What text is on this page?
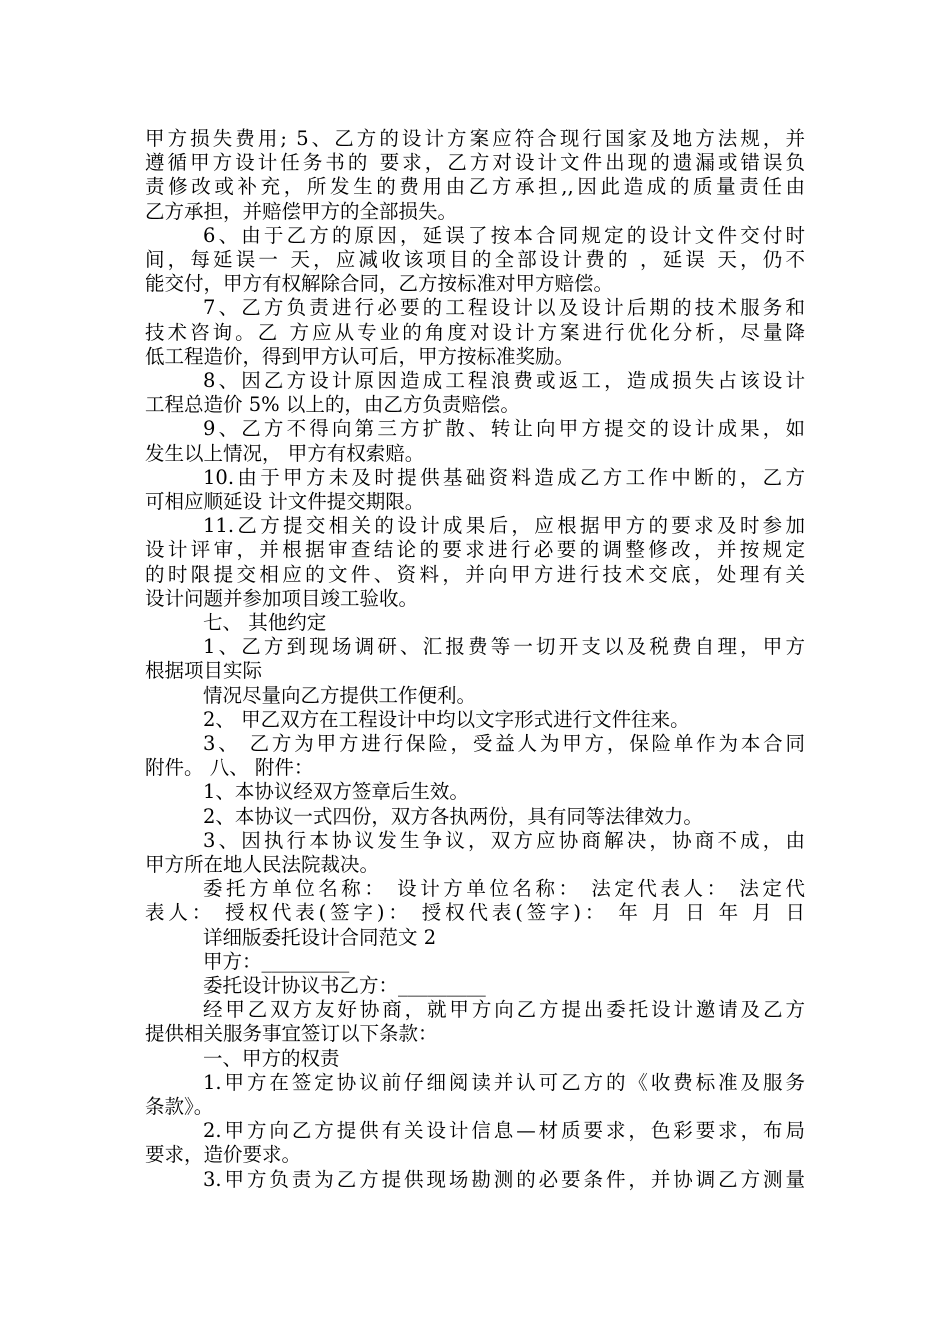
甲方损失费用; 5、乙方的设计方案应符合现行国家及地方法规，并
遵循甲方设计任务书的 要求，乙方对设计文件出现的遗漏或错误负
责修改或补充，所发生的费用由乙方承担,,因此造成的质量责任由
乙方承担，并赔偿甲方的全部损失。
6、由于乙方的原因，延误了按本合同规定的设计文件交付时
间，每延误一 天，应减收该项目的全部设计费的 ，延误 天，仍不
能交付，甲方有权解除合同，乙方按标准对甲方赔偿。
7、乙方负责进行必要的工程设计以及设计后期的技术服务和
技术咨询。乙 方应从专业的角度对设计方案进行优化分析，尽量降
低工程造价，得到甲方认可后，甲方按标准奖励。
8、因乙方设计原因造成工程浪费或返工，造成损失占该设计
工程总造价 5% 以上的，由乙方负责赔偿。
9、乙方不得向第三方扩散、转让向甲方提交的设计成果，如
发生以上情况， 甲方有权索赔。
10.由于甲方未及时提供基础资料造成乙方工作中断的，乙方
可相应顺延设 计文件提交期限。
11.乙方提交相关的设计成果后，应根据甲方的要求及时参加
设计评审，并根据审查结论的要求进行必要的调整修改，并按规定
的时限提交相应的文件、资料，并向甲方进行技术交底，处理有关
设计问题并参加项目竣工验收。
七、 其他约定
1、乙方到现场调研、汇报费等一切开支以及税费自理，甲方
根据项目实际
情况尽量向乙方提供工作便利。
2、 甲乙双方在工程设计中均以文字形式进行文件往来。
3、 乙方为甲方进行保险，受益人为甲方，保险单作为本合同
附件。 八、 附件：
1、本协议经双方签章后生效。
2、本协议一式四份，双方各执两份，具有同等法律效力。
3、因执行本协议发生争议，双方应协商解决，协商不成，由
甲方所在地人民法院裁决。
委托方单位名称： 设计方单位名称： 法定代表人： 法定代
表人： 授权代表(签字)： 授权代表(签字)： 年 月 日 年 月 日
详细版委托设计合同范文 2
甲方：_________
委托设计协议书乙方：_________
经甲乙双方友好协商，就甲方向乙方提出委托设计邀请及乙方
提供相关服务事宜签订以下条款：
一、甲方的权责
1.甲方在签定协议前仔细阅读并认可乙方的《收费标准及服务
条款》。
2.甲方向乙方提供有关设计信息—材质要求，色彩要求，布局
要求，造价要求。
3.甲方负责为乙方提供现场勘测的必要条件，并协调乙方测量
